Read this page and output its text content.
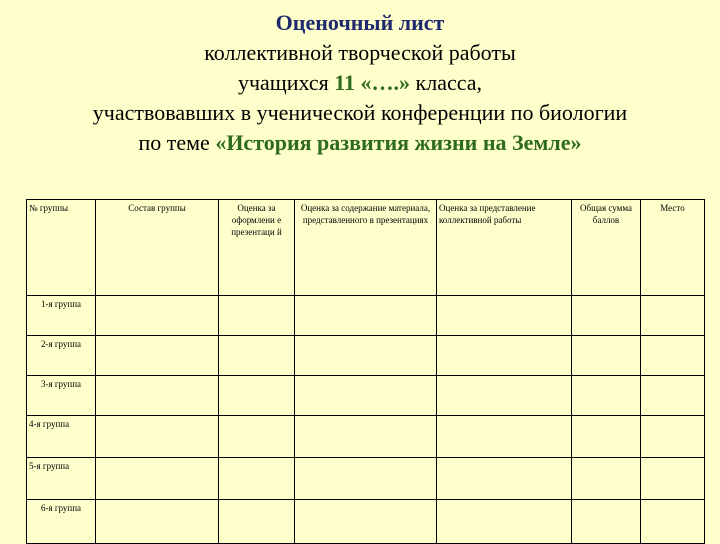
Оценочный лист
коллективной творческой работы
учащихся 11 «….» класса,
участвовавших в ученической конференции по биологии
по теме «История развития жизни на Земле»
№ группы	Состав группы	Оценка за оформлени е презентаци й	Оценка за содержание материала, представленного в презентациях	Оценка за представление коллективной работы	Общая сумма баллов	Место
1-я группа						
2-я группа						
3-я группа						
4-я группа						
5-я группа						
6-я группа						
